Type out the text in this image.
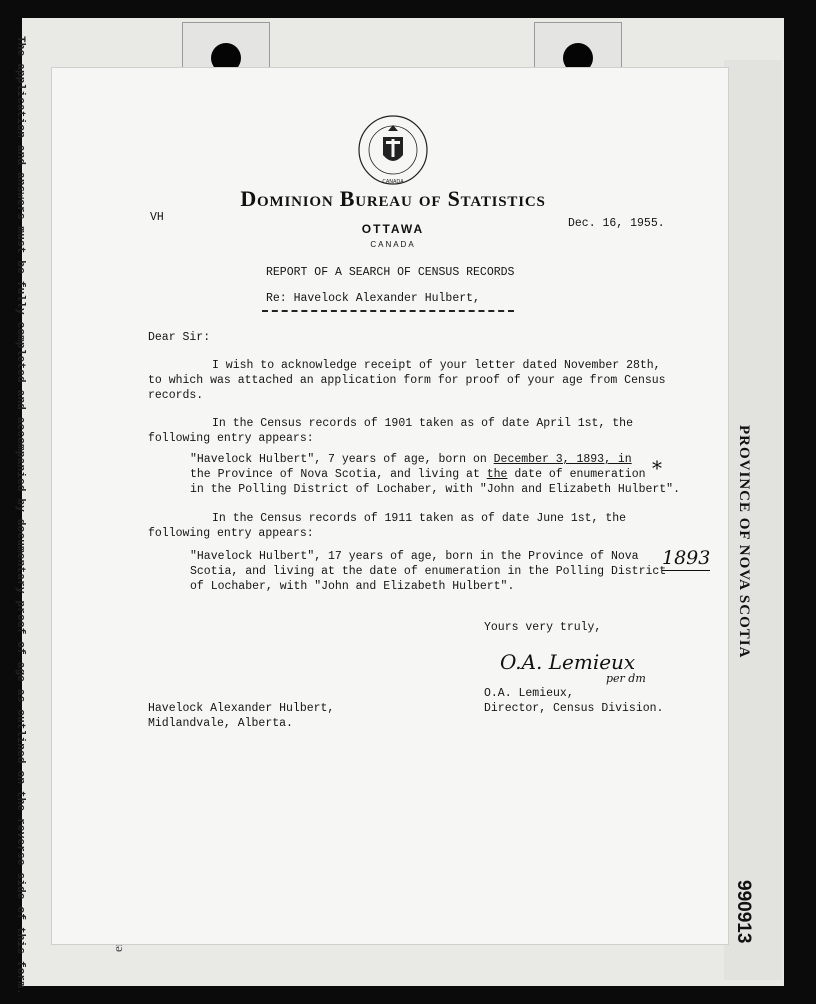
The application and answers must be fully completed and accompanied by documentary proof of age as outlined on the reverse side of this form.	PROVINCE OF NOVA SCOTIA
990913
CANADA
Dominion Bureau of Statistics
OTTAWA
CANADA
VH	Dec. 16, 1955.
REPORT OF A SEARCH OF CENSUS RECORDS
Re: Havelock Alexander Hulbert,
Dear Sir:
I wish to acknowledge receipt of your letter dated November 28th,
to which was attached an application form for proof of your age from Census
records.
In the Census records of 1901 taken as of date April 1st, the
following entry appears:
"Havelock Hulbert", 7 years of age, born on December 3, 1893, in
the Province of Nova Scotia, and living at the date of enumeration
in the Polling District of Lochaber, with "John and Elizabeth Hulbert".
*
In the Census records of 1911 taken as of date June 1st, the
following entry appears:
"Havelock Hulbert", 17 years of age, born in the Province of Nova
Scotia, and living at the date of enumeration in the Polling District
of Lochaber, with "John and Elizabeth Hulbert".
1893
Yours very truly,
O.A. Lemieux
per dm
O.A. Lemieux,
Director, Census Division.
Havelock Alexander Hulbert,
Midlandvale, Alberta.
